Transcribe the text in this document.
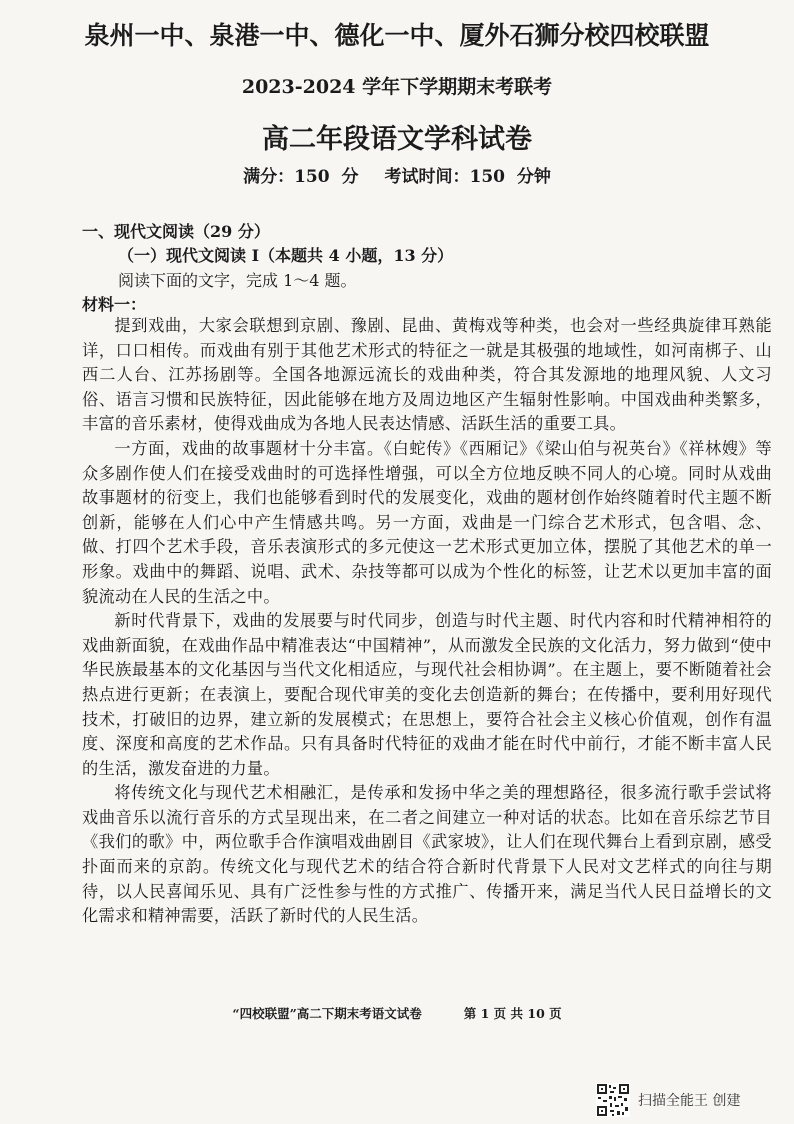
泉州一中、泉港一中、德化一中、厦外石狮分校四校联盟
2023-2024 学年下学期期末考联考
高二年段语文学科试卷
满分：150 分 考试时间：150 分钟
一、现代文阅读（29 分）
（一）现代文阅读 Ⅰ（本题共 4 小题，13 分）
阅读下面的文字，完成 1～4 题。
材料一：

提到戏曲，大家会联想到京剧、豫剧、昆曲、黄梅戏等种类，也会对一些经典旋律耳熟能详，口口相传。而戏曲有别于其他艺术形式的特征之一就是其极强的地域性，如河南梆子、山西二人台、江苏扬剧等。全国各地源远流长的戏曲种类，符合其发源地的地理风貌、人文习俗、语言习惯和民族特征，因此能够在地方及周边地区产生辐射性影响。中国戏曲种类繁多，丰富的音乐素材，使得戏曲成为各地人民表达情感、活跃生活的重要工具。

一方面，戏曲的故事题材十分丰富。《白蛇传》《西厢记》《梁山伯与祝英台》《祥林嫂》等众多剧作使人们在接受戏曲时的可选择性增强，可以全方位地反映不同人的心境。同时从戏曲故事题材的衍变上，我们也能够看到时代的发展变化，戏曲的题材创作始终随着时代主题不断创新，能够在人们心中产生情感共鸣。另一方面，戏曲是一门综合艺术形式，包含唱、念、做、打四个艺术手段，音乐表演形式的多元使这一艺术形式更加立体，摆脱了其他艺术的单一形象。戏曲中的舞蹈、说唱、武术、杂技等都可以成为个性化的标签，让艺术以更加丰富的面貌流动在人民的生活之中。

新时代背景下，戏曲的发展要与时代同步，创造与时代主题、时代内容和时代精神相符的戏曲新面貌，在戏曲作品中精准表达“中国精神”，从而激发全民族的文化活力，努力做到“使中华民族最基本的文化基因与当代文化相适应，与现代社会相协调”。在主题上，要不断随着社会热点进行更新；在表演上，要配合现代审美的变化去创造新的舞台；在传播中，要利用好现代技术，打破旧的边界，建立新的发展模式；在思想上，要符合社会主义核心价值观，创作有温度、深度和高度的艺术作品。只有具备时代特征的戏曲才能在时代中前行，才能不断丰富人民的生活，激发奋进的力量。

将传统文化与现代艺术相融汇，是传承和发扬中华之美的理想路径，很多流行歌手尝试将戏曲音乐以流行音乐的方式呈现出来，在二者之间建立一种对话的状态。比如在音乐综艺节目《我们的歌》中，两位歌手合作演唱戏曲剧目《武家坡》，让人们在现代舞台上看到京剧，感受扑面而来的京韵。传统文化与现代艺术的结合符合新时代背景下人民对文艺样式的向往与期待，以人民喜闻乐见、具有广泛性参与性的方式推广、传播开来，满足当代人民日益增长的文化需求和精神需要，活跃了新时代的人民生活。

“四校联盟”高二下期末考语文试卷	第 1 页 共 10 页
扫描全能王 创建
